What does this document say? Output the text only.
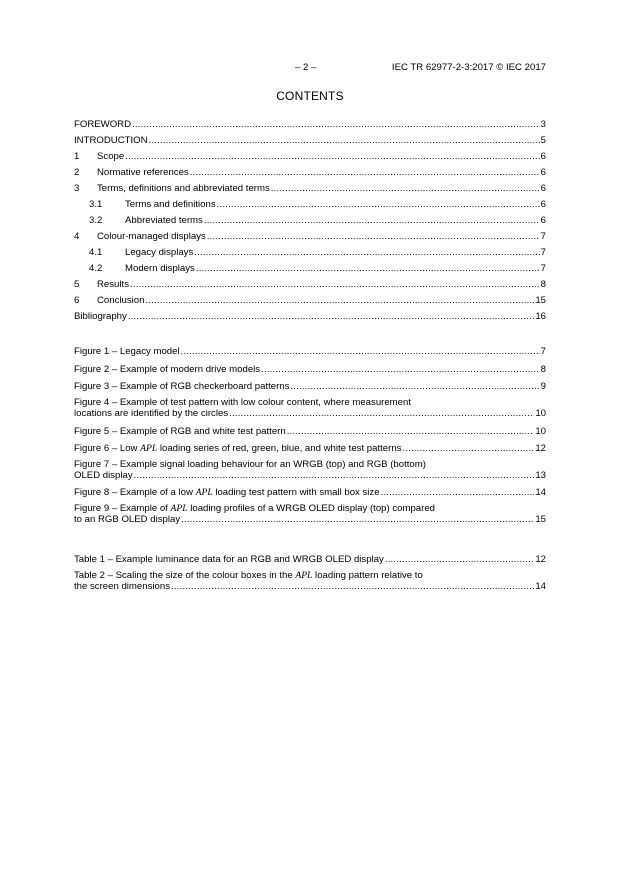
– 2 –	IEC TR 62977-2-3:2017 © IEC 2017
CONTENTS
FOREWORD .....	3
INTRODUCTION .....	5
1	Scope .....	6
2	Normative references .....	6
3	Terms, definitions and abbreviated terms .....	6
3.1	Terms and definitions .....	6
3.2	Abbreviated terms .....	6
4	Colour-managed displays .....	7
4.1	Legacy displays .....	7
4.2	Modern displays .....	7
5	Results .....	8
6	Conclusion .....	15
Bibliography .....	16
Figure 1 – Legacy model .....	7
Figure 2 – Example of modern drive models .....	8
Figure 3 – Example of RGB checkerboard patterns .....	9
Figure 4 – Example of test pattern with low colour content, where measurement
locations are identified by the circles .....	10
Figure 5 – Example of RGB and white test pattern .....	10
Figure 6 – Low APL loading series of red, green, blue, and white test patterns .....	12
Figure 7 – Example signal loading behaviour for an WRGB (top) and RGB (bottom)
OLED display .....	13
Figure 8 – Example of a low APL loading test pattern with small box size .....	14
Figure 9 – Example of APL loading profiles of a WRGB OLED display (top) compared
to an RGB OLED display .....	15
Table 1 – Example luminance data for an RGB and WRGB OLED display .....	12
Table 2 – Scaling the size of the colour boxes in the APL loading pattern relative to
the screen dimensions .....	14
